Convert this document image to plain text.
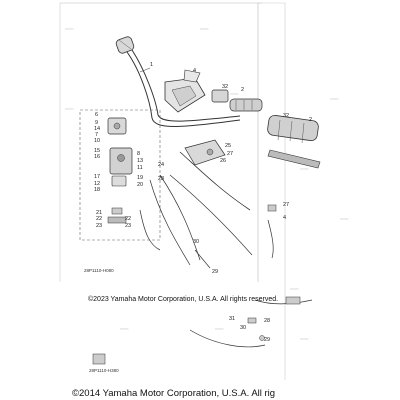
▭▭▭	▭▭▭
▭▭▭
▭▭▭
▭▭▭
▭▭▭
▭▭▭
▭▭▭
▭▭▭
▭▭▭
▭▭▭
1
2
32
32
2
4
6
9
14
7
10
15
16	8
13
11
17
12
18
19
20
21
22
23
22
23
24
25
27
26
28
30
29
27
4
31
30
28
29
28P1110-H080
28P1110-H380
©2023 Yamaha Motor Corporation, U.S.A. All rights reserved.
©2014 Yamaha Motor Corporation, U.S.A. All rig
